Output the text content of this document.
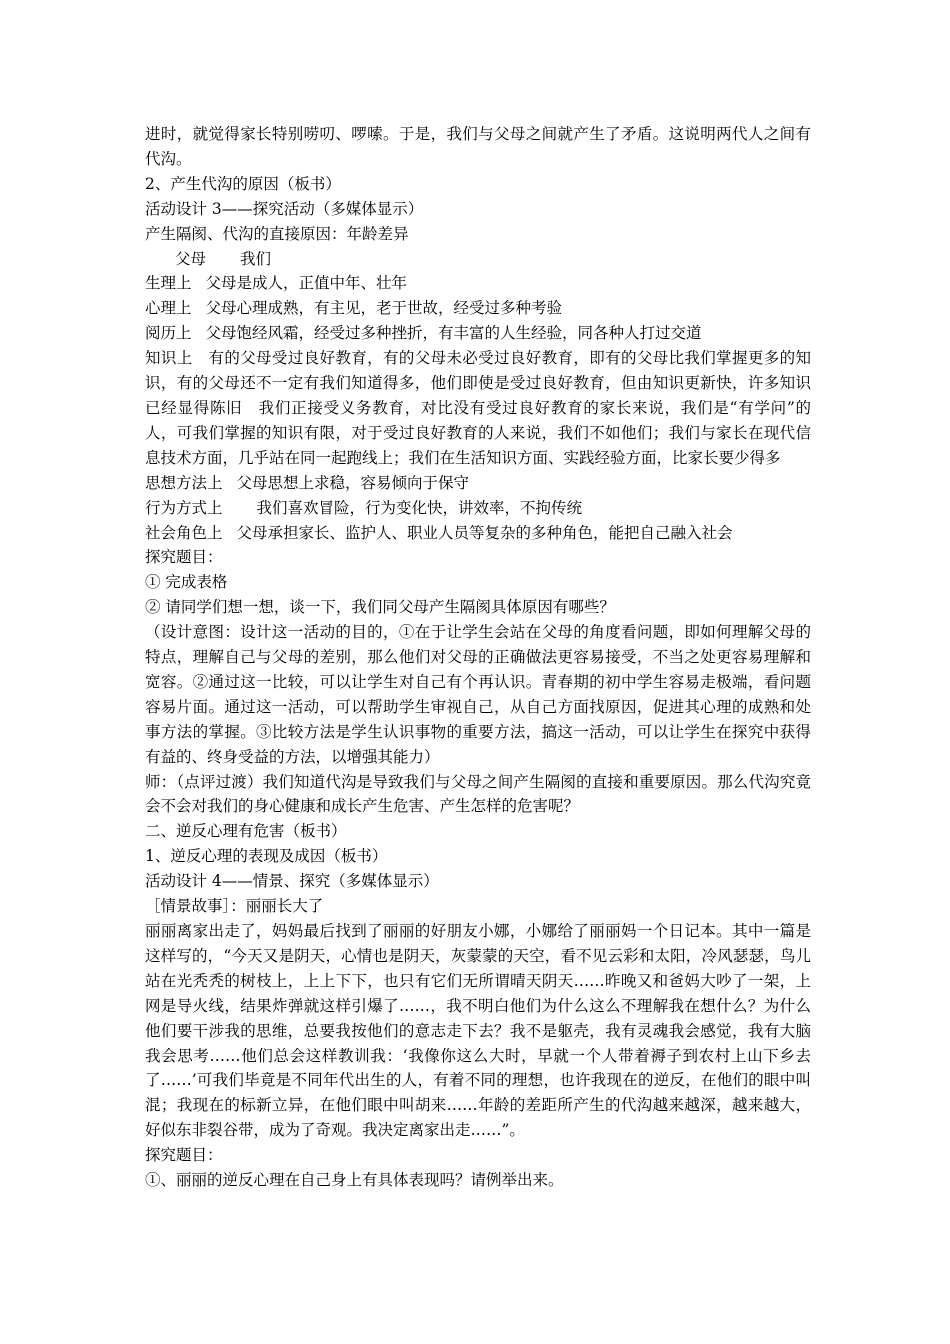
进时，就觉得家长特别唠叨、啰嗦。于是，我们与父母之间就产生了矛盾。这说明两代人之间有代沟。

2、产生代沟的原因（板书）
活动设计 3——探究活动（多媒体显示）
产生隔阂、代沟的直接原因：年龄差异
父母 我们
生理上 父母是成人，正值中年、壮年
心理上 父母心理成熟，有主见，老于世故，经受过多种考验
阅历上 父母饱经风霜，经受过多种挫折，有丰富的人生经验，同各种人打过交道

知识上　有的父母受过良好教育，有的父母未必受过良好教育，即有的父母比我们掌握更多的知识，有的父母还不一定有我们知道得多，他们即使是受过良好教育，但由知识更新快，许多知识已经显得陈旧　我们正接受义务教育，对比没有受过良好教育的家长来说，我们是“有学问”的人，可我们掌握的知识有限，对于受过良好教育的人来说，我们不如他们；我们与家长在现代信息技术方面，几乎站在同一起跑线上；我们在生活知识方面、实践经验方面，比家长要少得多

思想方法上 父母思想上求稳，容易倾向于保守
行为方式上 我们喜欢冒险，行为变化快，讲效率，不拘传统
社会角色上 父母承担家长、监护人、职业人员等复杂的多种角色，能把自己融入社会
探究题目：
① 完成表格
② 请同学们想一想，谈一下，我们同父母产生隔阂具体原因有哪些？

（设计意图：设计这一活动的目的，①在于让学生会站在父母的角度看问题，即如何理解父母的特点，理解自己与父母的差别，那么他们对父母的正确做法更容易接受，不当之处更容易理解和宽容。②通过这一比较，可以让学生对自己有个再认识。青春期的初中学生容易走极端，看问题容易片面。通过这一活动，可以帮助学生审视自己，从自己方面找原因，促进其心理的成熟和处事方法的掌握。③比较方法是学生认识事物的重要方法，搞这一活动，可以让学生在探究中获得有益的、终身受益的方法，以增强其能力）

师：（点评过渡）我们知道代沟是导致我们与父母之间产生隔阂的直接和重要原因。那么代沟究竟会不会对我们的身心健康和成长产生危害、产生怎样的危害呢？

二、逆反心理有危害（板书）
1、逆反心理的表现及成因（板书）
活动设计 4——情景、探究（多媒体显示）
［情景故事］：丽丽长大了

丽丽离家出走了，妈妈最后找到了丽丽的好朋友小娜，小娜给了丽丽妈一个日记本。其中一篇是这样写的，“今天又是阴天，心情也是阴天，灰蒙蒙的天空，看不见云彩和太阳，冷风瑟瑟，鸟儿站在光秃秃的树枝上，上上下下，也只有它们无所谓晴天阴天……昨晚又和爸妈大吵了一架，上网是导火线，结果炸弹就这样引爆了……，我不明白他们为什么这么不理解我在想什么？为什么他们要干涉我的思维，总要我按他们的意志走下去？我不是躯壳，我有灵魂我会感觉，我有大脑我会思考……他们总会这样教训我：‘我像你这么大时，早就一个人带着褥子到农村上山下乡去了……’可我们毕竟是不同年代出生的人，有着不同的理想，也许我现在的逆反，在他们的眼中叫混；我现在的标新立异，在他们眼中叫胡来……年龄的差距所产生的代沟越来越深，越来越大，好似东非裂谷带，成为了奇观。我决定离家出走……”。

探究题目：
①、丽丽的逆反心理在自己身上有具体表现吗？请例举出来。
